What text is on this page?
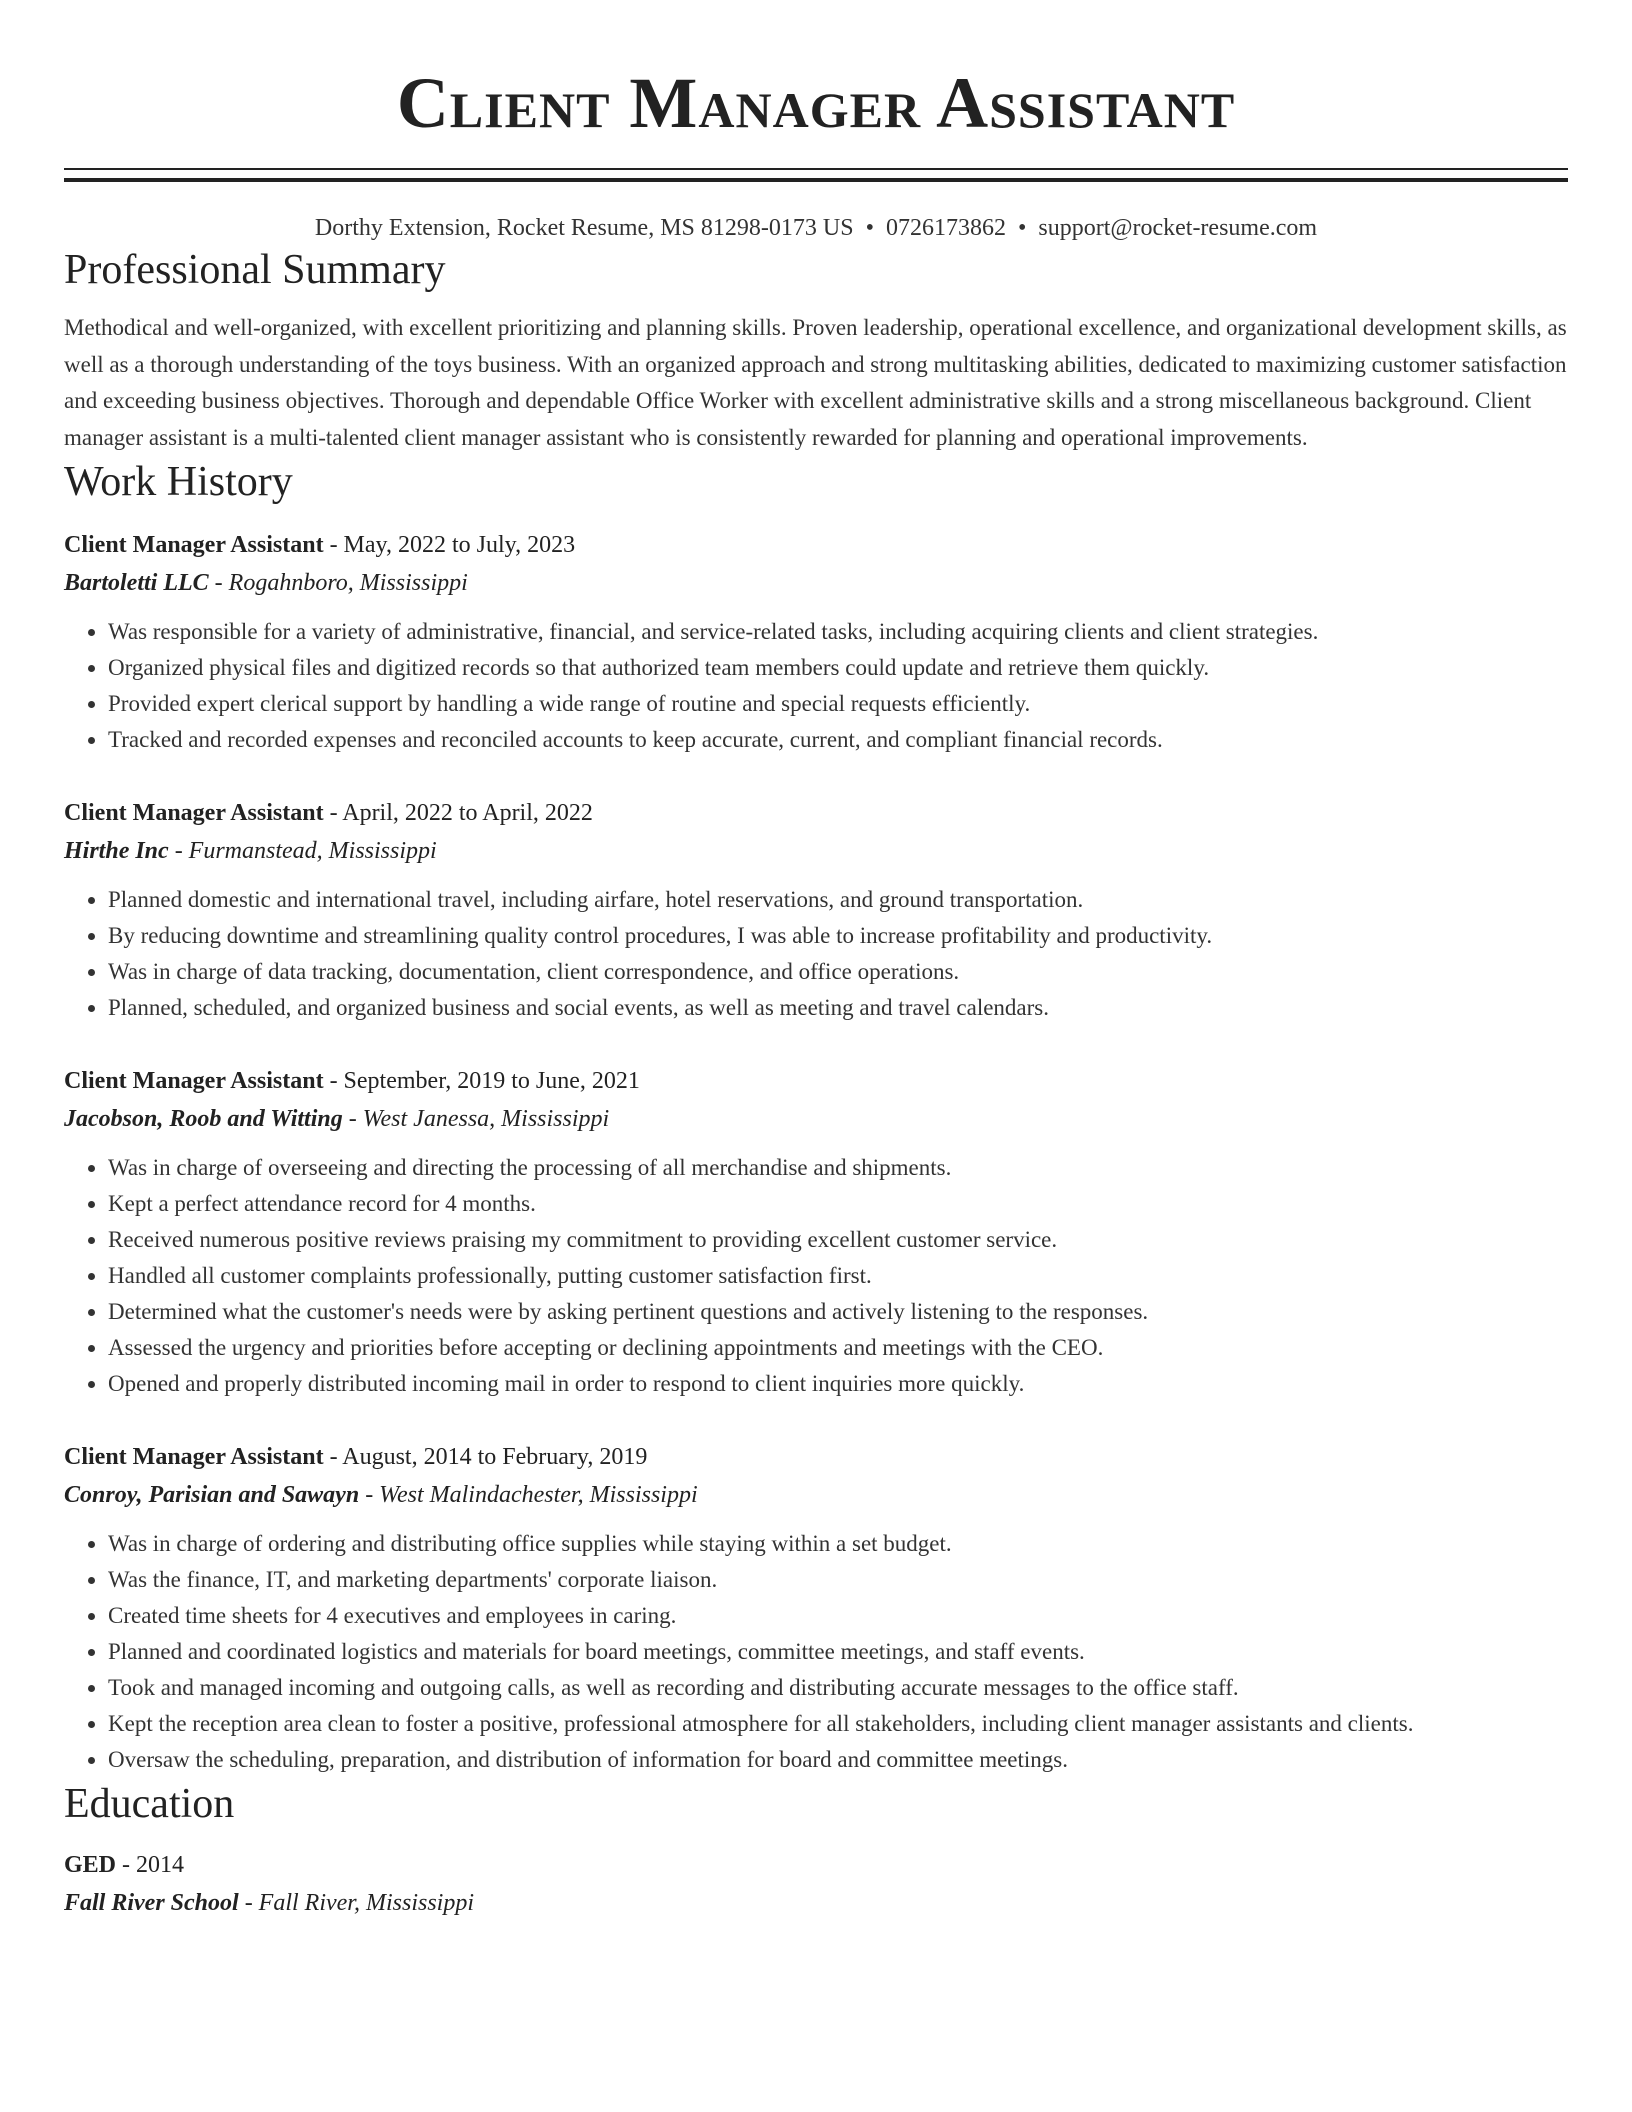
Client Manager Assistant
Dorthy Extension, Rocket Resume, MS 81298-0173 US • 0726173862 • support@rocket-resume.com
Professional Summary
Methodical and well-organized, with excellent prioritizing and planning skills. Proven leadership, operational excellence, and organizational development skills, as well as a thorough understanding of the toys business. With an organized approach and strong multitasking abilities, dedicated to maximizing customer satisfaction and exceeding business objectives. Thorough and dependable Office Worker with excellent administrative skills and a strong miscellaneous background. Client manager assistant is a multi-talented client manager assistant who is consistently rewarded for planning and operational improvements.
Work History
Client Manager Assistant - May, 2022 to July, 2023
Bartoletti LLC - Rogahnboro, Mississippi
• Was responsible for a variety of administrative, financial, and service-related tasks, including acquiring clients and client strategies.
• Organized physical files and digitized records so that authorized team members could update and retrieve them quickly.
• Provided expert clerical support by handling a wide range of routine and special requests efficiently.
• Tracked and recorded expenses and reconciled accounts to keep accurate, current, and compliant financial records.
Client Manager Assistant - April, 2022 to April, 2022
Hirthe Inc - Furmanstead, Mississippi
• Planned domestic and international travel, including airfare, hotel reservations, and ground transportation.
• By reducing downtime and streamlining quality control procedures, I was able to increase profitability and productivity.
• Was in charge of data tracking, documentation, client correspondence, and office operations.
• Planned, scheduled, and organized business and social events, as well as meeting and travel calendars.
Client Manager Assistant - September, 2019 to June, 2021
Jacobson, Roob and Witting - West Janessa, Mississippi
• Was in charge of overseeing and directing the processing of all merchandise and shipments.
• Kept a perfect attendance record for 4 months.
• Received numerous positive reviews praising my commitment to providing excellent customer service.
• Handled all customer complaints professionally, putting customer satisfaction first.
• Determined what the customer's needs were by asking pertinent questions and actively listening to the responses.
• Assessed the urgency and priorities before accepting or declining appointments and meetings with the CEO.
• Opened and properly distributed incoming mail in order to respond to client inquiries more quickly.
Client Manager Assistant - August, 2014 to February, 2019
Conroy, Parisian and Sawayn - West Malindachester, Mississippi
• Was in charge of ordering and distributing office supplies while staying within a set budget.
• Was the finance, IT, and marketing departments' corporate liaison.
• Created time sheets for 4 executives and employees in caring.
• Planned and coordinated logistics and materials for board meetings, committee meetings, and staff events.
• Took and managed incoming and outgoing calls, as well as recording and distributing accurate messages to the office staff.
• Kept the reception area clean to foster a positive, professional atmosphere for all stakeholders, including client manager assistants and clients.
• Oversaw the scheduling, preparation, and distribution of information for board and committee meetings.
Education
GED - 2014
Fall River School - Fall River, Mississippi
